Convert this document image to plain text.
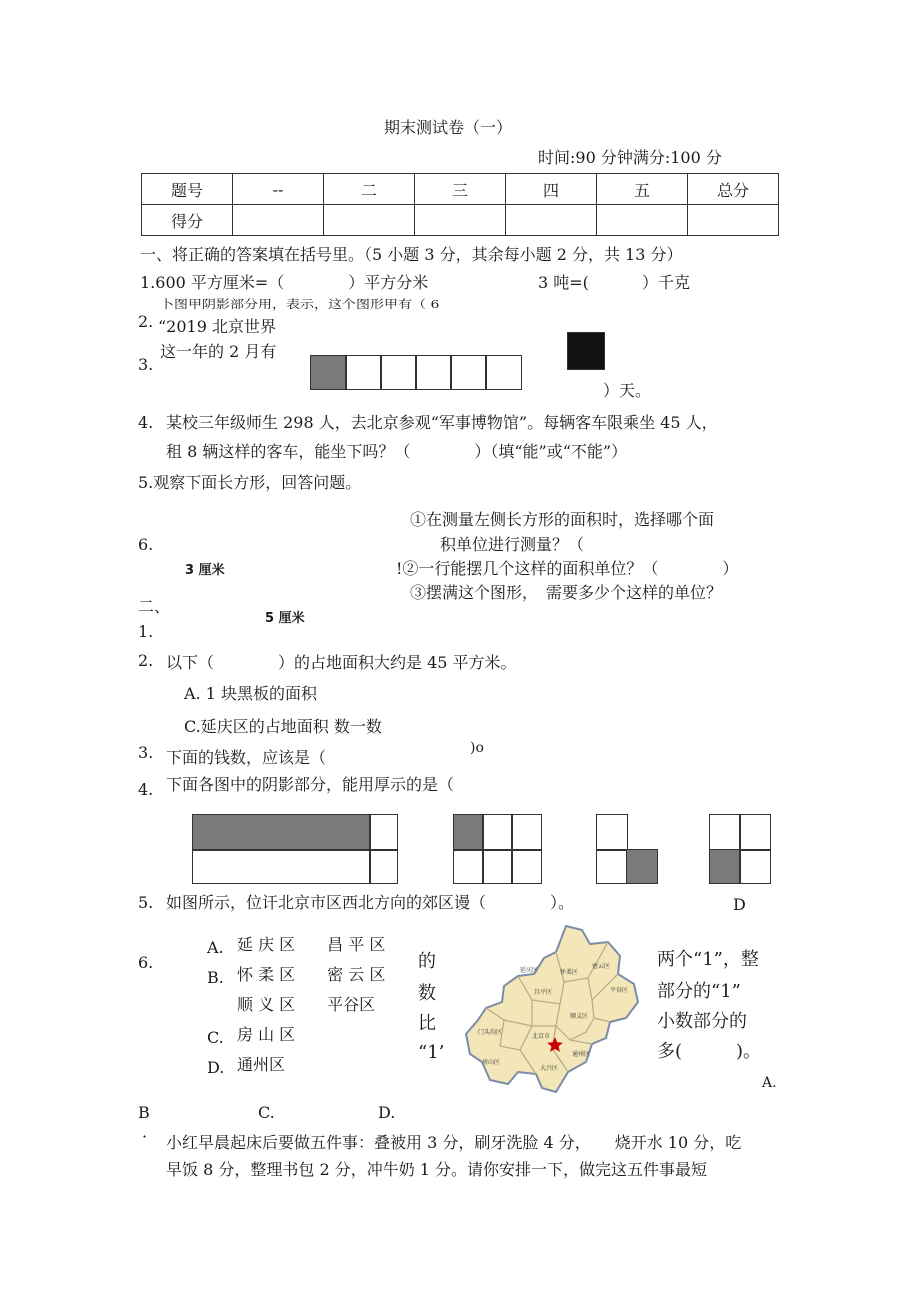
期末测试卷（一）
时间:90 分钟满分:100 分
题号	-‐	二	三	四	五	总分
得分						
一、将正确的答案填在括号里。（5 小题 3 分，其余每小题 2 分，共 13 分）
1.600 平方厘米=（　　　　）平方分米	3 吨=(　　　 ）千克
卜图甲阴影部分用，表示，这个图形甲有（ 6
2. “2019 北京世界
这一年的 2 月有
3.
）天。
4. 某校三年级师生 298 人，去北京参观“军事博物馆”。每辆客车限乘坐 45 人，
租 8 辆这样的客车，能坐下吗？（　　　　）（填“能”或“不能”）
5.观察下面长方形，回答问题。
①在测量左侧长方形的面积时，选择哪个面
6.	积单位进行测量？（
3 厘米	!②一行能摆几个这样的面积单位？（　　　　）
③摆满这个图形，　需要多少个这样的单位？
二、
5 厘米
1.
2. 以下（　　　　）的占地面积大约是 45 平方米。
A. 1 块黑板的面积
C.延庆区的占地面积 数一数
3. 下面的钱数，应该是（	)o
下面各图中的阴影部分，能用厚示的是（
4.
5. 如图所示，位讦北京市区西北方向的郊区谩（　　　　）。	D
A. 延 庆 区　　昌 平 区
6.
B. 怀 柔 区　　密 云 区
顺 义 区　　平谷区
C. 房 山 区
D. 通州区
的
数
比
“1’
延庆区	怀柔区
密云区
昌平区
顺义区
平谷区
门头沟区
北京市
通州区
房山区
大兴区
两个“1”，整
部分的“1”
小数部分的
多(　　　)。
A.
B	C.	D.
· 小红早晨起床后要做五件事：叠被用 3 分，刷牙洗脸 4 分，　　烧开水 10 分，吃
早饭 8 分，整理书包 2 分，冲牛奶 1 分。请你安排一下，做完这五件事最短
